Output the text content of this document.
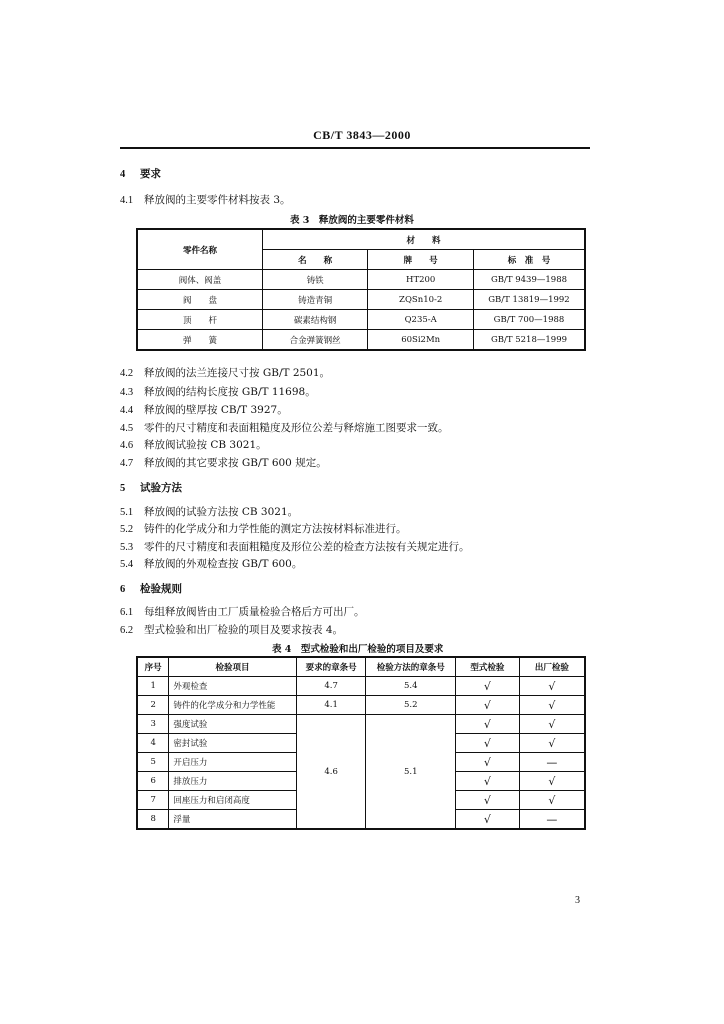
CB/T 3843—2000
4 要求
4.1 释放阀的主要零件材料按表 3。
表 3　释放阀的主要零件材料
零件名称	材　　料		
	名　　称	牌　　号	标　准　号
阀体、阀盖	铸铁	HT200	GB/T 9439—1988
阀　　盘	铸造青铜	ZQSn10-2	GB/T 13819—1992
顶　　杆	碳素结构钢	Q235-A	GB/T 700—1988
弹　　簧	合金弹簧钢丝	60Si2Mn	GB/T 5218—1999
4.2 释放阀的法兰连接尺寸按 GB/T 2501。
4.3 释放阀的结构长度按 GB/T 11698。
4.4 释放阀的壁厚按 CB/T 3927。
4.5 零件的尺寸精度和表面粗糙度及形位公差与释熔施工图要求一致。
4.6 释放阀试验按 CB 3021。
4.7 释放阀的其它要求按 GB/T 600 规定。
5 试验方法
5.1 释放阀的试验方法按 CB 3021。
5.2 铸件的化学成分和力学性能的测定方法按材料标准进行。
5.3 零件的尺寸精度和表面粗糙度及形位公差的检查方法按有关规定进行。
5.4 释放阀的外观检查按 GB/T 600。
6 检验规则
6.1 每组释放阀皆由工厂质量检验合格后方可出厂。
6.2 型式检验和出厂检验的项目及要求按表 4。
表 4　型式检验和出厂检验的项目及要求
序号	检验项目	要求的章条号	检验方法的章条号	型式检验	出厂检验
1	外观检查	4.7	5.4	√	√
2	铸件的化学成分和力学性能	4.1	5.2	√	√
3	强度试验	4.6	5.1	√	√
4	密封试验			√	√
5	开启压力			√	—
6	排放压力			√	√
7	回座压力和启闭高度			√	√
8	浮量			√	—
3
